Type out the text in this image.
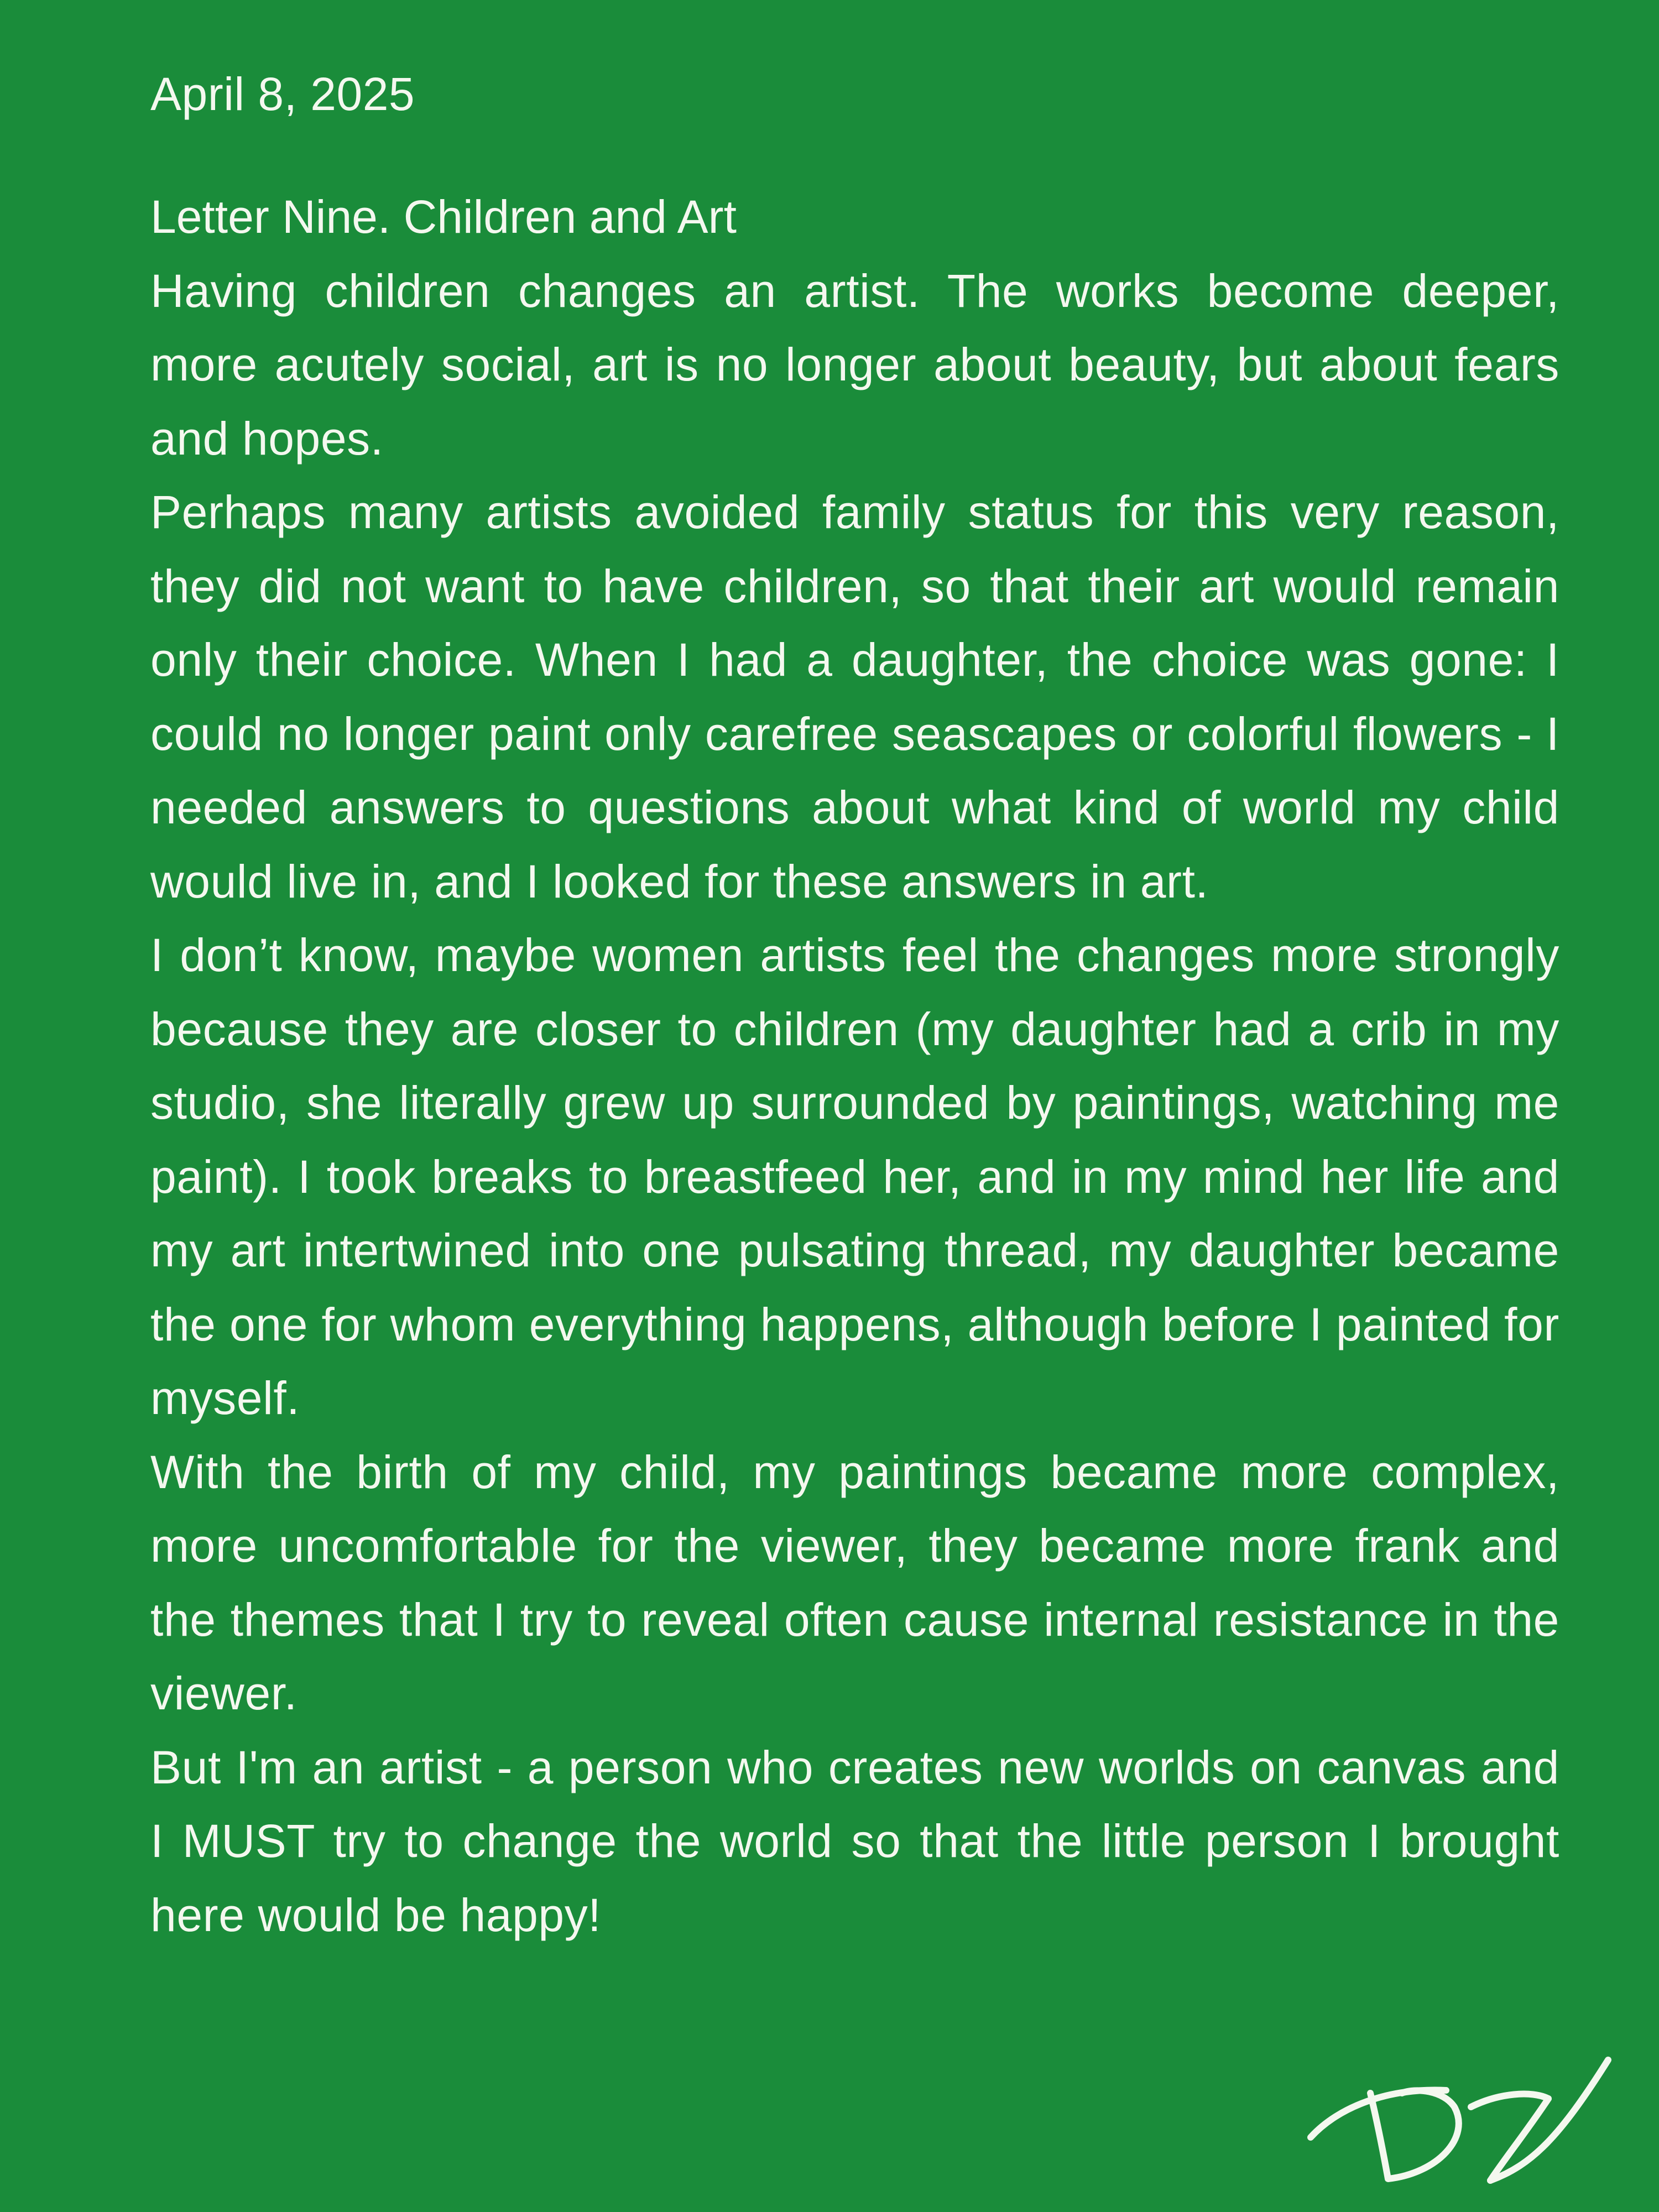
April 8, 2025

Letter Nine. Children and Art

Having children changes an artist. The works become deeper, more acutely social, art is no longer about beauty, but about fears and hopes.

Perhaps many artists avoided family status for this very reason, they did not want to have children, so that their art would remain only their choice. When I had a daughter, the choice was gone: I could no longer paint only carefree seascapes or colorful flowers - I needed answers to questions about what kind of world my child would live in, and I looked for these answers in art.

I don’t know, maybe women artists feel the changes more strongly because they are closer to children (my daughter had a crib in my studio, she literally grew up surrounded by paintings, watching me paint). I took breaks to breastfeed her, and in my mind her life and my art intertwined into one pulsating thread, my daughter became the one for whom everything happens, although before I painted for myself.

With the birth of my child, my paintings became more complex, more uncomfortable for the viewer, they became more frank and the themes that I try to reveal often cause internal resistance in the viewer.

But I'm an artist - a person who creates new worlds on canvas and I MUST try to change the world so that the little person I brought here would be happy!
